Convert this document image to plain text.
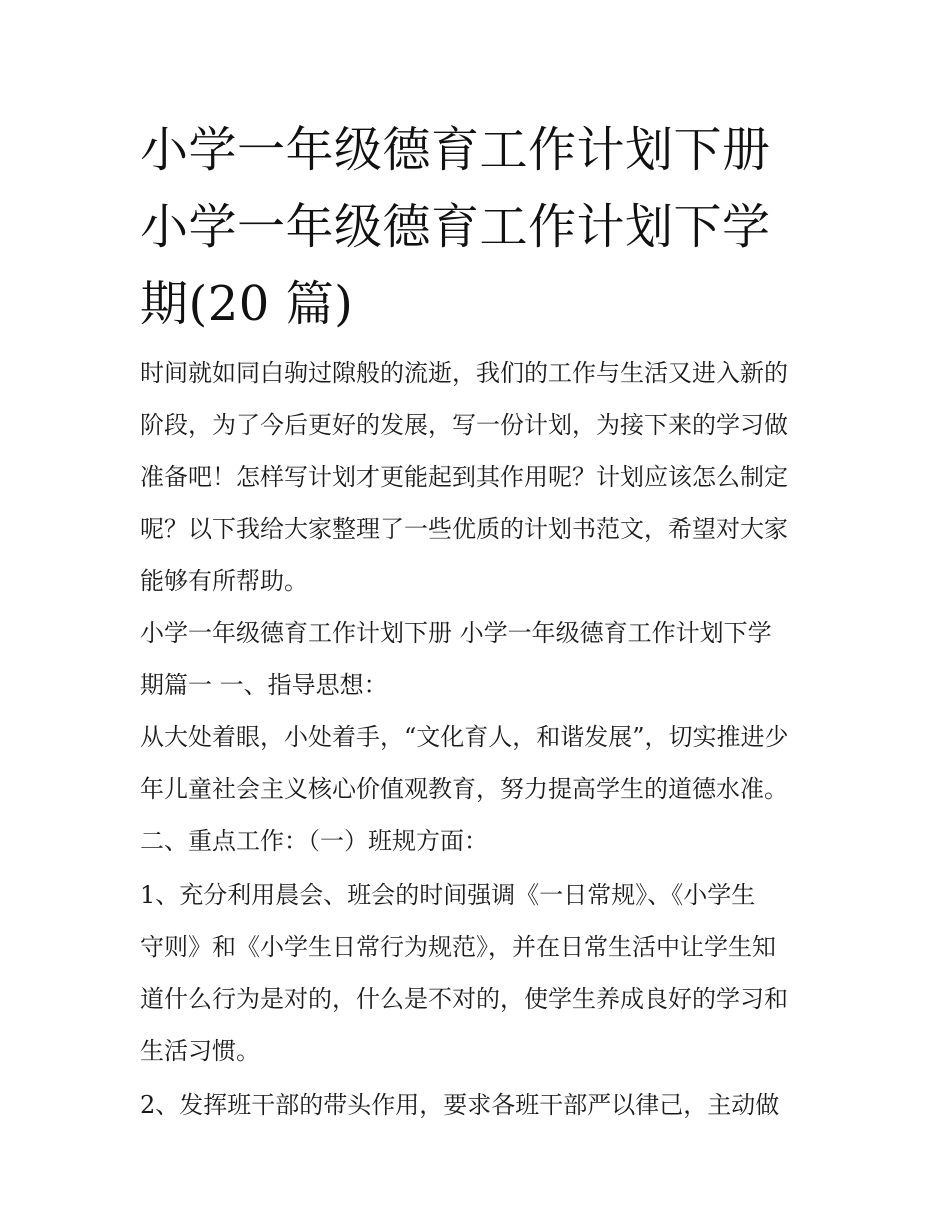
小学一年级德育工作计划下册
小学一年级德育工作计划下学
期(20 篇)

时间就如同白驹过隙般的流逝，我们的工作与生活又进入新的
阶段，为了今后更好的发展，写一份计划，为接下来的学习做
准备吧！怎样写计划才更能起到其作用呢？计划应该怎么制定
呢？以下我给大家整理了一些优质的计划书范文，希望对大家
能够有所帮助。

小学一年级德育工作计划下册 小学一年级德育工作计划下学
期篇一 一、指导思想：

从大处着眼，小处着手，“文化育人，和谐发展”，切实推进少
年儿童社会主义核心价值观教育，努力提高学生的道德水准。

二、重点工作：（一）班规方面：

1、充分利用晨会、班会的时间强调《一日常规》、《小学生
守则》和《小学生日常行为规范》，并在日常生活中让学生知
道什么行为是对的，什么是不对的，使学生养成良好的学习和
生活习惯。

2、发挥班干部的带头作用，要求各班干部严以律己，主动做
